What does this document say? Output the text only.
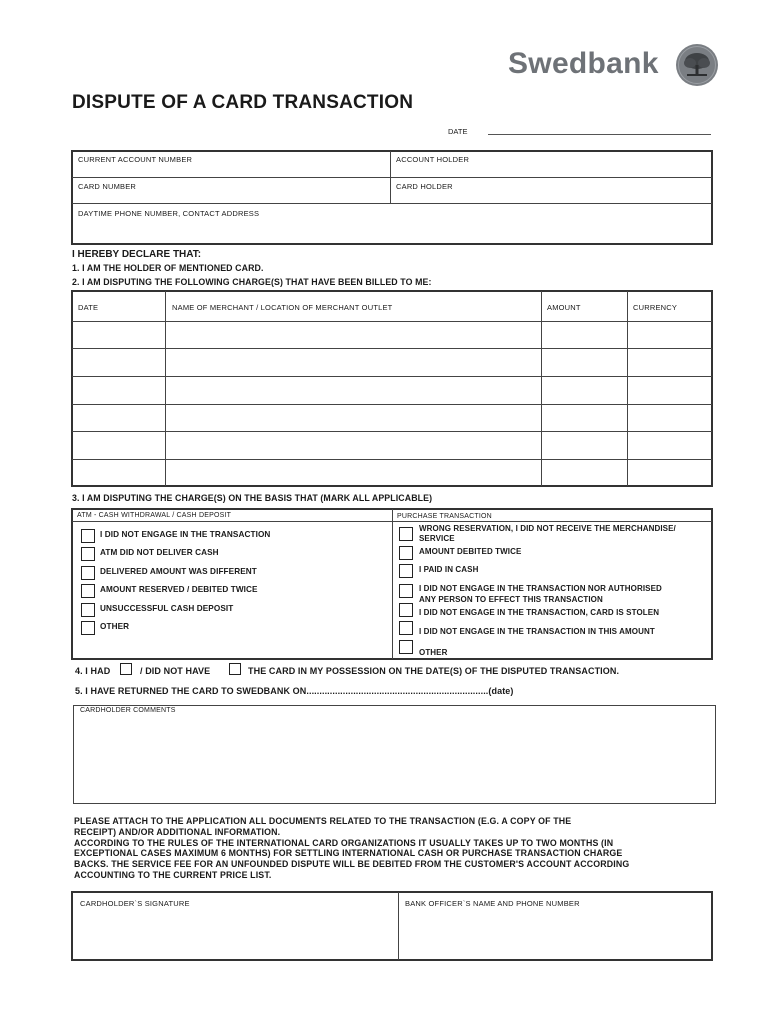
Swedbank
DISPUTE OF A CARD TRANSACTION
DATE
CURRENT ACCOUNT NUMBER	ACCOUNT HOLDER
CARD NUMBER	CARD HOLDER
DAYTIME PHONE NUMBER, CONTACT ADDRESS
I HEREBY DECLARE THAT:
1. I AM THE HOLDER OF MENTIONED CARD.
2. I AM DISPUTING THE FOLLOWING CHARGE(S) THAT HAVE BEEN BILLED TO ME:
DATE	NAME OF MERCHANT / LOCATION OF MERCHANT OUTLET	AMOUNT	CURRENCY
3. I AM DISPUTING THE CHARGE(S) ON THE BASIS THAT (MARK ALL APPLICABLE)
ATM - CASH WITHDRAWAL / CASH DEPOSIT	PURCHASE TRANSACTION
I DID NOT ENGAGE IN THE TRANSACTION
ATM DID NOT DELIVER CASH
DELIVERED AMOUNT WAS DIFFERENT
AMOUNT RESERVED / DEBITED TWICE
UNSUCCESSFUL CASH DEPOSIT
OTHER
WRONG RESERVATION, I DID NOT RECEIVE THE MERCHANDISE/
SERVICE
AMOUNT DEBITED TWICE
I PAID IN CASH
I DID NOT ENGAGE IN THE TRANSACTION NOR AUTHORISED
ANY PERSON TO EFFECT THIS TRANSACTION
I DID NOT ENGAGE IN THE TRANSACTION, CARD IS STOLEN
I DID NOT ENGAGE IN THE TRANSACTION IN THIS AMOUNT
OTHER
4. I HAD	/ DID NOT HAVE	THE CARD IN MY POSSESSION ON THE DATE(S) OF THE DISPUTED TRANSACTION.
5. I HAVE RETURNED THE CARD TO SWEDBANK ON......................................................................(date)
CARDHOLDER COMMENTS
PLEASE ATTACH TO THE APPLICATION ALL DOCUMENTS RELATED TO THE TRANSACTION (E.G. A COPY OF THE
RECEIPT) AND/OR ADDITIONAL INFORMATION.
ACCORDING TO THE RULES OF THE INTERNATIONAL CARD ORGANIZATIONS IT USUALLY TAKES UP TO TWO MONTHS (IN
EXCEPTIONAL CASES MAXIMUM 6 MONTHS) FOR SETTLING INTERNATIONAL CASH OR PURCHASE TRANSACTION CHARGE
BACKS. THE SERVICE FEE FOR AN UNFOUNDED DISPUTE WILL BE DEBITED FROM THE CUSTOMER'S ACCOUNT ACCORDING
ACCOUNTING TO THE CURRENT PRICE LIST.
CARDHOLDER`S SIGNATURE	BANK OFFICER`S NAME AND PHONE NUMBER
